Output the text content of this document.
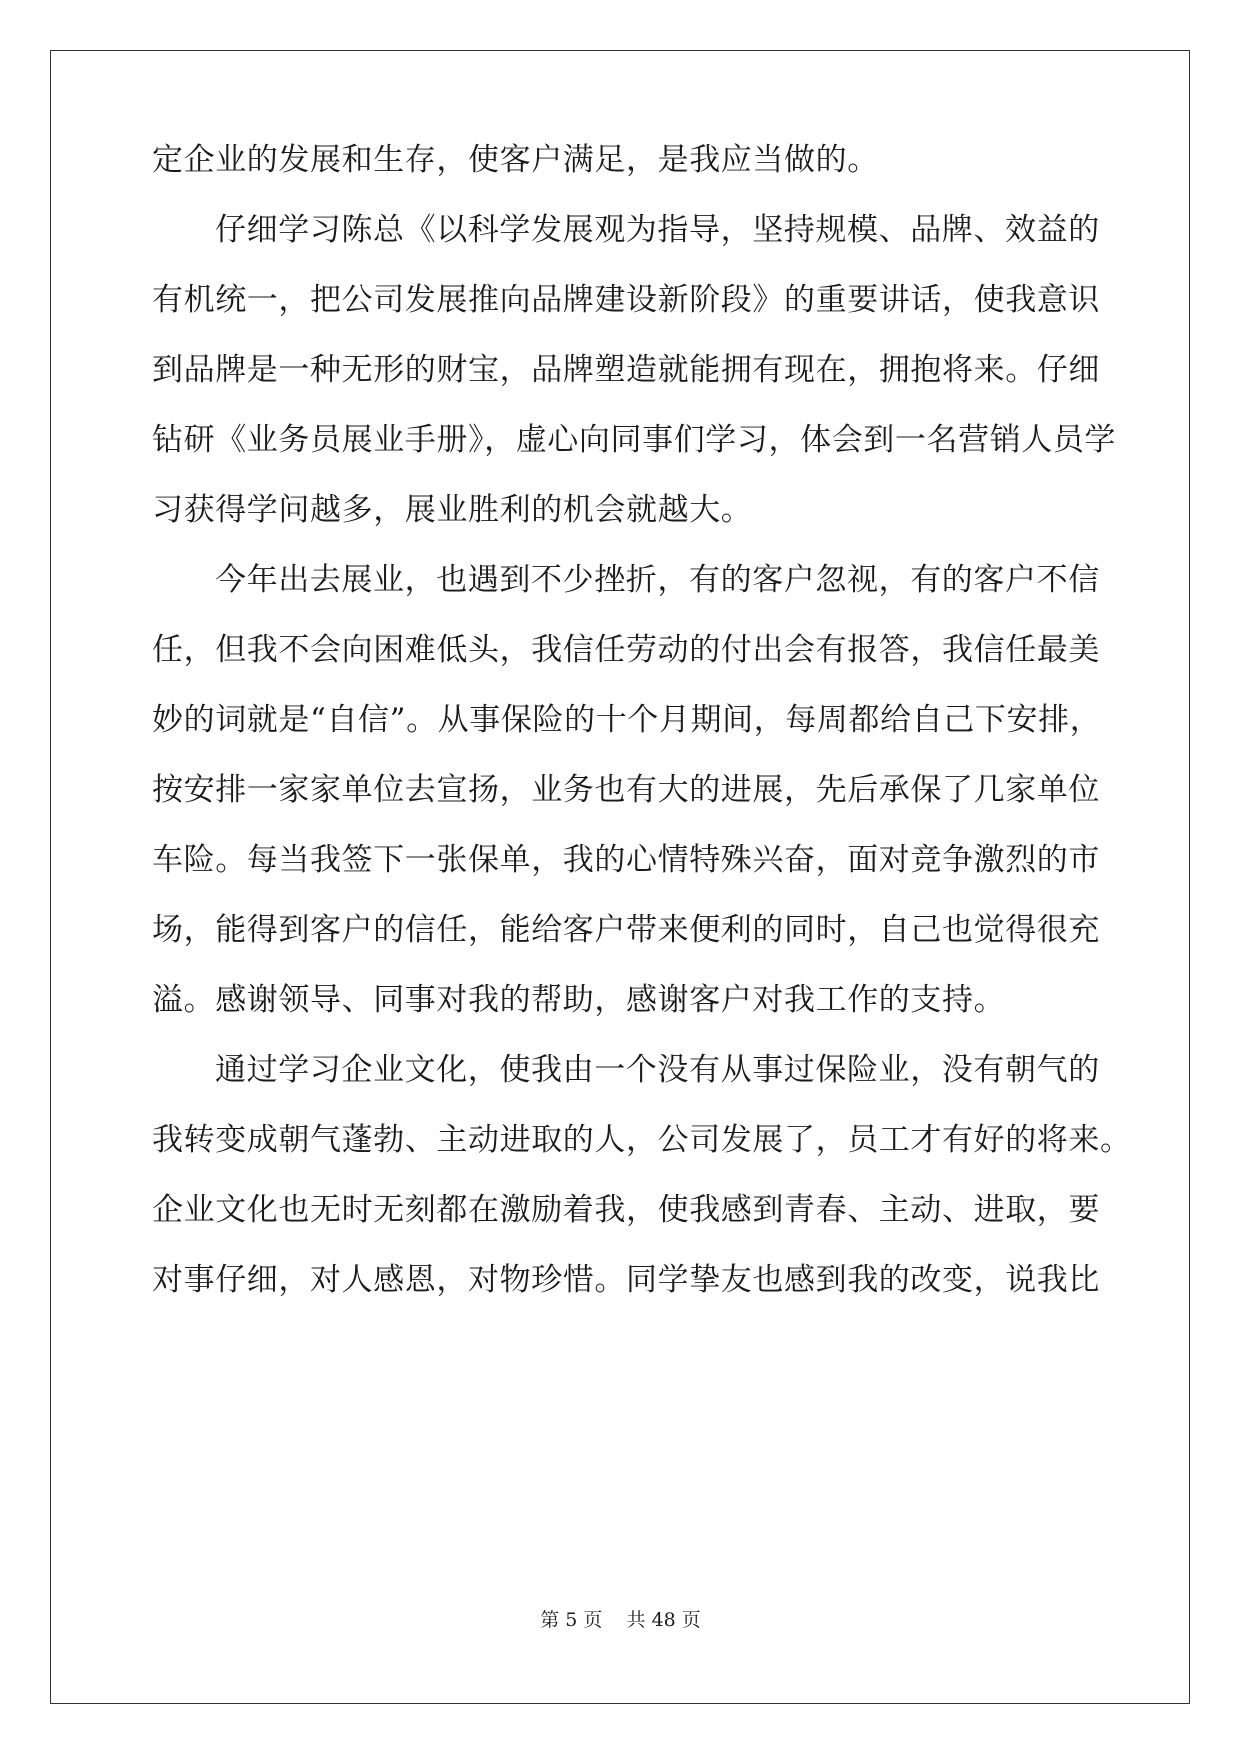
定企业的发展和生存，使客户满足，是我应当做的。
仔细学习陈总《以科学发展观为指导，坚持规模、品牌、效益的
有机统一，把公司发展推向品牌建设新阶段》的重要讲话，使我意识
到品牌是一种无形的财宝，品牌塑造就能拥有现在，拥抱将来。仔细
钻研《业务员展业手册》，虚心向同事们学习，体会到一名营销人员学
习获得学问越多，展业胜利的机会就越大。
今年出去展业，也遇到不少挫折，有的客户忽视，有的客户不信
任，但我不会向困难低头，我信任劳动的付出会有报答，我信任最美
妙的词就是“自信”。从事保险的十个月期间，每周都给自己下安排，
按安排一家家单位去宣扬，业务也有大的进展，先后承保了几家单位
车险。每当我签下一张保单，我的心情特殊兴奋，面对竞争激烈的市
场，能得到客户的信任，能给客户带来便利的同时，自己也觉得很充
溢。感谢领导、同事对我的帮助，感谢客户对我工作的支持。
通过学习企业文化，使我由一个没有从事过保险业，没有朝气的
我转变成朝气蓬勃、主动进取的人，公司发展了，员工才有好的将来。
企业文化也无时无刻都在激励着我，使我感到青春、主动、进取，要
对事仔细，对人感恩，对物珍惜。同学挚友也感到我的改变，说我比
第 5 页    共 48 页
